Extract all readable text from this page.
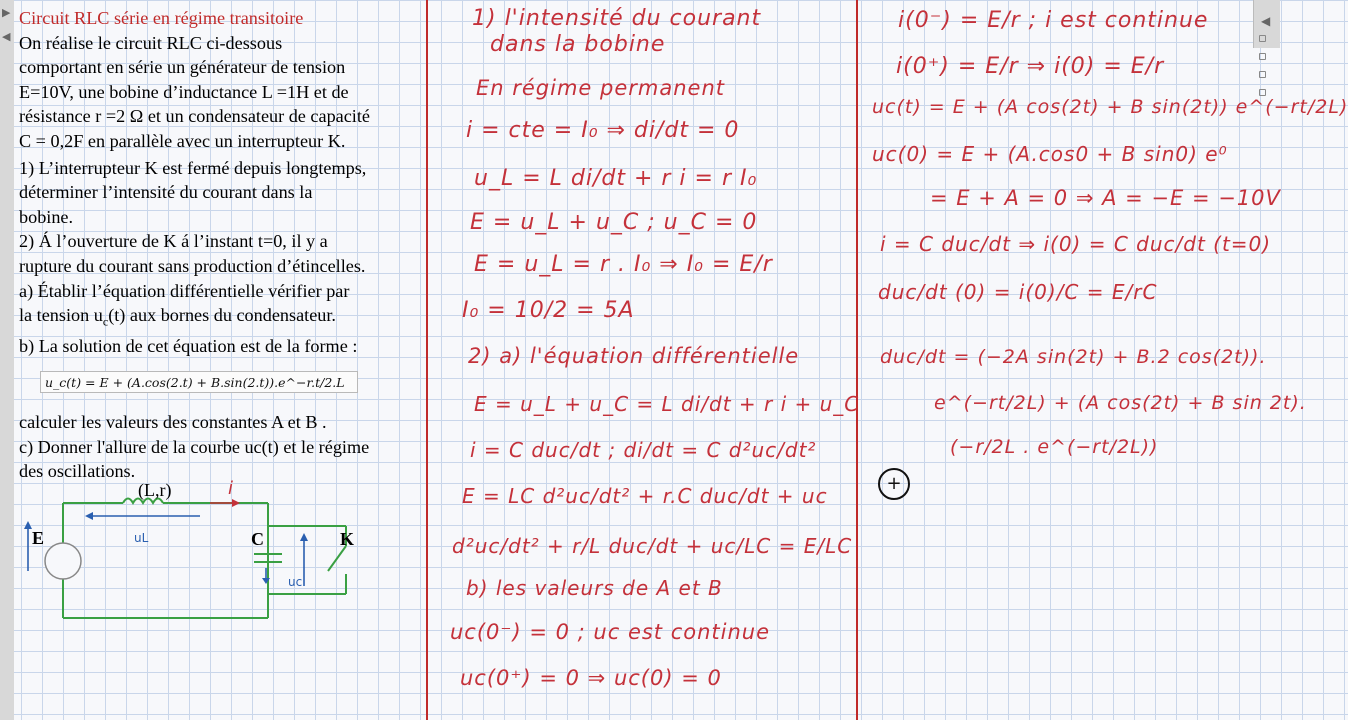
▶
◀

Circuit RLC série en régime transitoire

On réalise le circuit RLC ci-dessous

comportant en série un générateur de tension

E=10V, une bobine d’inductance L =1H et de

résistance r =2 Ω et un condensateur de capacité

C = 0,2F en parallèle avec un interrupteur K.

1) L’interrupteur K est fermé depuis longtemps,

déterminer l’intensité du courant dans la

bobine.

2) Á l’ouverture de K á l’instant t=0, il y a

rupture du courant sans production d’étincelles.

a) Établir l’équation différentielle vérifier par

la tension $u_c(t)$ aux bornes du condensateur.

b) La solution de cet équation est de la forme :

u_c(t) = E + (A.cos(2.t) + B.sin(2.t)).e^−r.t/2.L

calculer les valeurs des constantes A et B .

c) Donner l'allure de la courbe uc(t) et le régime

des oscillations.

(L,r)	i
E	uL	C	K
uc
1) l'intensité du courant
dans la bobine
En régime permanent
i = cte = I₀ ⇒ di/dt = 0
u_L = L di/dt + r i = r I₀
E = u_L + u_C ; u_C = 0
E = u_L = r . I₀ ⇒ I₀ = E/r
I₀ = 10/2 = 5A
2) a) l'équation différentielle
E = u_L + u_C = L di/dt + r i + u_C
i = C duc/dt ; di/dt = C d²uc/dt²
E = LC d²uc/dt² + r.C duc/dt + uc
d²uc/dt² + r/L duc/dt + uc/LC = E/LC
b) les valeurs de A et B
uc(0⁻) = 0 ; uc est continue
uc(0⁺) = 0 ⇒ uc(0) = 0
i(0⁻) = E/r ; i est continue
i(0⁺) = E/r ⇒ i(0) = E/r
uc(t) = E + (A cos(2t) + B sin(2t)) e^(−rt/2L)
uc(0) = E + (A.cos0 + B sin0) e⁰
= E + A = 0 ⇒ A = −E = −10V
i = C duc/dt ⇒ i(0) = C duc/dt (t=0)
duc/dt (0) = i(0)/C = E/rC
duc/dt = (−2A sin(2t) + B.2 cos(2t)).
e^(−rt/2L) + (A cos(2t) + B sin 2t).
(−r/2L . e^(−rt/2L))
+
◀
